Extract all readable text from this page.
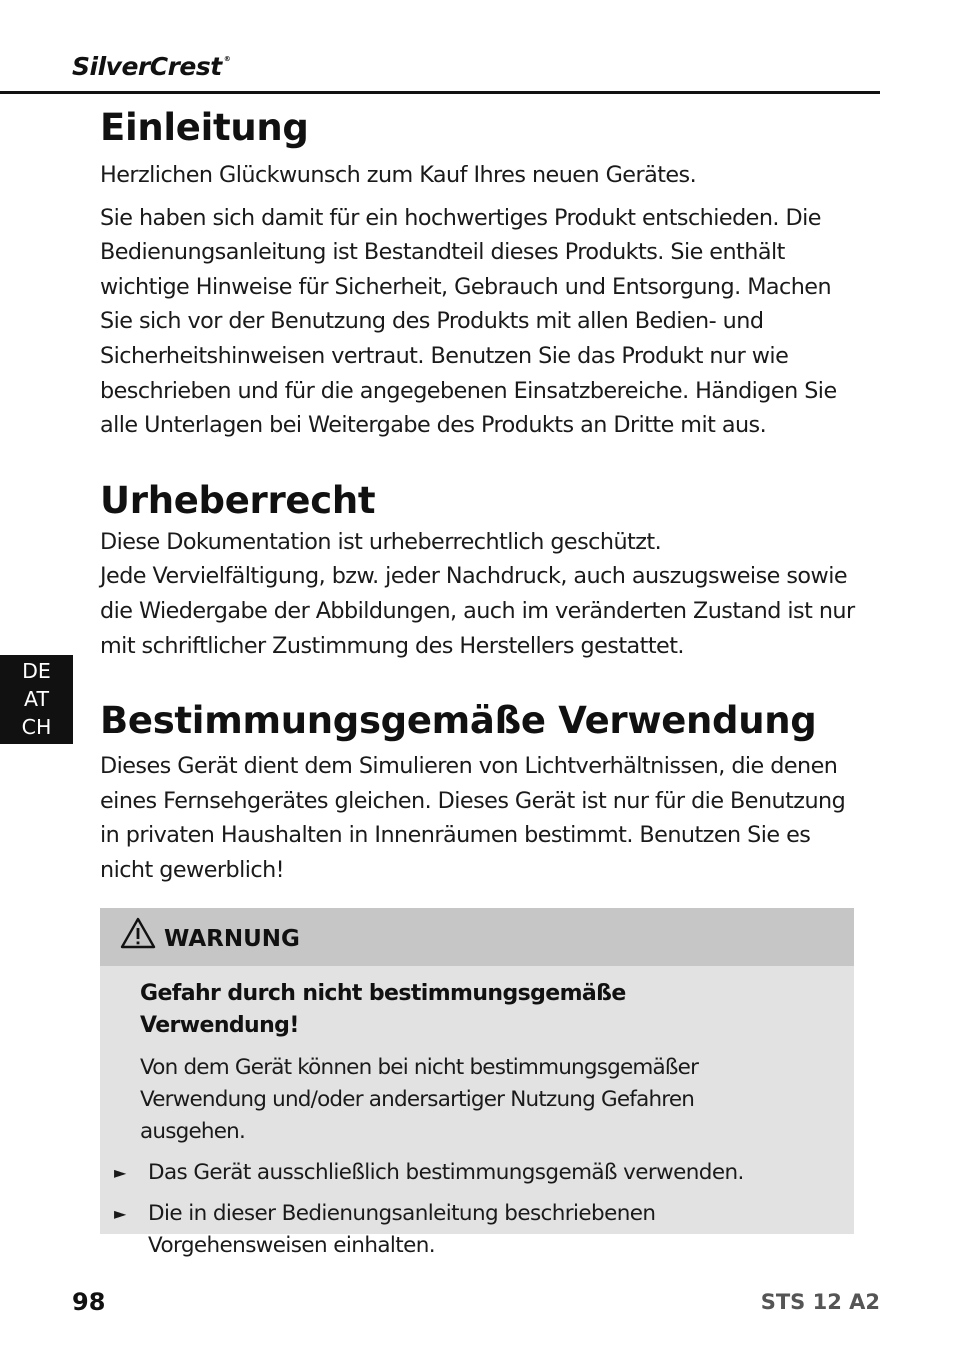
SilverCrest ®
Einleitung

Herzlichen Glückwunsch zum Kauf Ihres neuen Gerätes.

Sie haben sich damit für ein hochwertiges Produkt entschieden. Die Bedienungsanleitung ist Bestandteil dieses Produkts. Sie enthält wichtige Hinweise für Sicherheit, Gebrauch und Entsorgung. Machen Sie sich vor der Benutzung des Produkts mit allen Bedien- und Sicherheitshinweisen vertraut. Benutzen Sie das Produkt nur wie beschrieben und für die angegebenen Einsatzbereiche. Händigen Sie alle Unterlagen bei Weitergabe des Produkts an Dritte mit aus.

Urheberrecht

Diese Dokumentation ist urheberrechtlich geschützt.

Jede Vervielfältigung, bzw. jeder Nachdruck, auch auszugsweise sowie die Wiedergabe der Abbildungen, auch im veränderten Zustand ist nur mit schriftlicher Zustimmung des Herstellers gestattet.

Bestimmungsgemäße Verwendung

Dieses Gerät dient dem Simulieren von Lichtverhältnissen, die denen eines Fernsehgerätes gleichen. Dieses Gerät ist nur für die Benutzung in privaten Haushalten in Innenräumen bestimmt. Benutzen Sie es nicht gewerblich!

DE
AT
CH
WARNUNG
Gefahr durch nicht bestimmungsgemäße
Verwendung!
Von dem Gerät können bei nicht bestimmungsgemäßer Verwendung und/oder andersartiger Nutzung Gefahren ausgehen.
► Das Gerät ausschließlich bestimmungsgemäß verwenden.
► Die in dieser Bedienungsanleitung beschriebenen Vorgehensweisen einhalten.
98	STS 12 A2
